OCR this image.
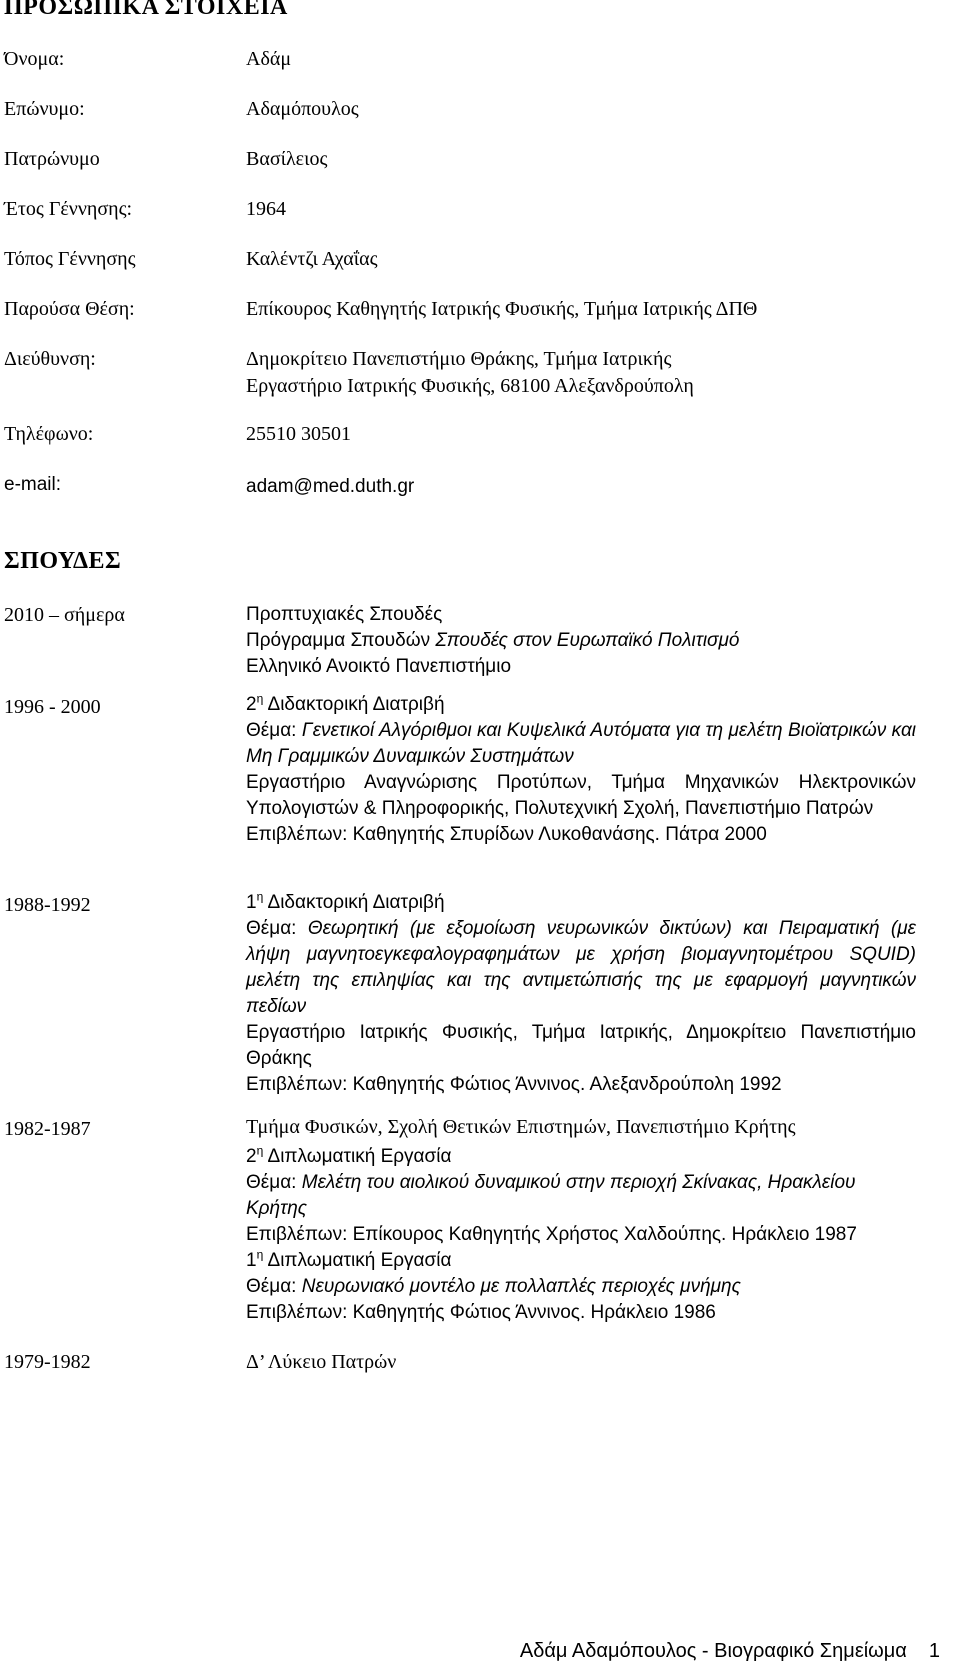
ΠΡΟΣΩΠΙΚΑ ΣΤΟΙΧΕΙΑ
Όνομα:	Αδάμ
Επώνυμο:	Αδαμόπουλος
Πατρώνυμο	Βασίλειος
Έτος Γέννησης:	1964
Τόπος Γέννησης	Καλέντζι Αχαΐας
Παρούσα Θέση:	Επίκουρος Καθηγητής Ιατρικής Φυσικής, Τμήμα Ιατρικής ΔΠΘ
Διεύθυνση:	Δημοκρίτειο Πανεπιστήμιο Θράκης, Τμήμα Ιατρικής
Εργαστήριο Ιατρικής Φυσικής, 68100 Αλεξανδρούπολη
Τηλέφωνο:	25510 30501
e-mail:	adam@med.duth.gr
ΣΠΟΥΔΕΣ
2010 – σήμερα	Προπτυχιακές Σπουδές
Πρόγραμμα Σπουδών Σπουδές στον Ευρωπαϊκό Πολιτισμό
Ελληνικό Ανοικτό Πανεπιστήμιο
1996 - 2000	$2^\eta$ Διδακτορική Διατριβή
Θέμα: Γενετικοί Αλγόριθμοι και Κυψελικά Αυτόματα για τη μελέτη Βιοϊατρικών και Μη Γραμμικών Δυναμικών Συστημάτων
Εργαστήριο Αναγνώρισης Προτύπων, Τμήμα Μηχανικών Ηλεκτρονικών Υπολογιστών & Πληροφορικής, Πολυτεχνική Σχολή, Πανεπιστήμιο Πατρών
Επιβλέπων: Καθηγητής Σπυρίδων Λυκοθανάσης. Πάτρα 2000
1988-1992	$1^\eta$ Διδακτορική Διατριβή
Θέμα: Θεωρητική (με εξομοίωση νευρωνικών δικτύων) και Πειραματική (με λήψη μαγνητοεγκεφαλογραφημάτων με χρήση βιομαγνητομέτρου SQUID) μελέτη της επιληψίας και της αντιμετώπισής της με εφαρμογή μαγνητικών πεδίων
Εργαστήριο Ιατρικής Φυσικής, Τμήμα Ιατρικής, Δημοκρίτειο Πανεπιστήμιο Θράκης
Επιβλέπων: Καθηγητής Φώτιος Άννινος. Αλεξανδρούπολη 1992
1982-1987	Τμήμα Φυσικών, Σχολή Θετικών Επιστημών, Πανεπιστήμιο Κρήτης
$2^\eta$ Διπλωματική Εργασία
Θέμα: Μελέτη του αιολικού δυναμικού στην περιοχή Σκίνακας, Ηρακλείου Κρήτης
Επιβλέπων: Επίκουρος Καθηγητής Χρήστος Χαλδούπης. Ηράκλειο 1987
$1^\eta$ Διπλωματική Εργασία
Θέμα: Νευρωνιακό μοντέλο με πολλαπλές περιοχές μνήμης
Επιβλέπων: Καθηγητής Φώτιος Άννινος. Ηράκλειο 1986
1979-1982	Δ’ Λύκειο Πατρών
Αδάμ Αδαμόπουλος - Βιογραφικό Σημείωμα 1
